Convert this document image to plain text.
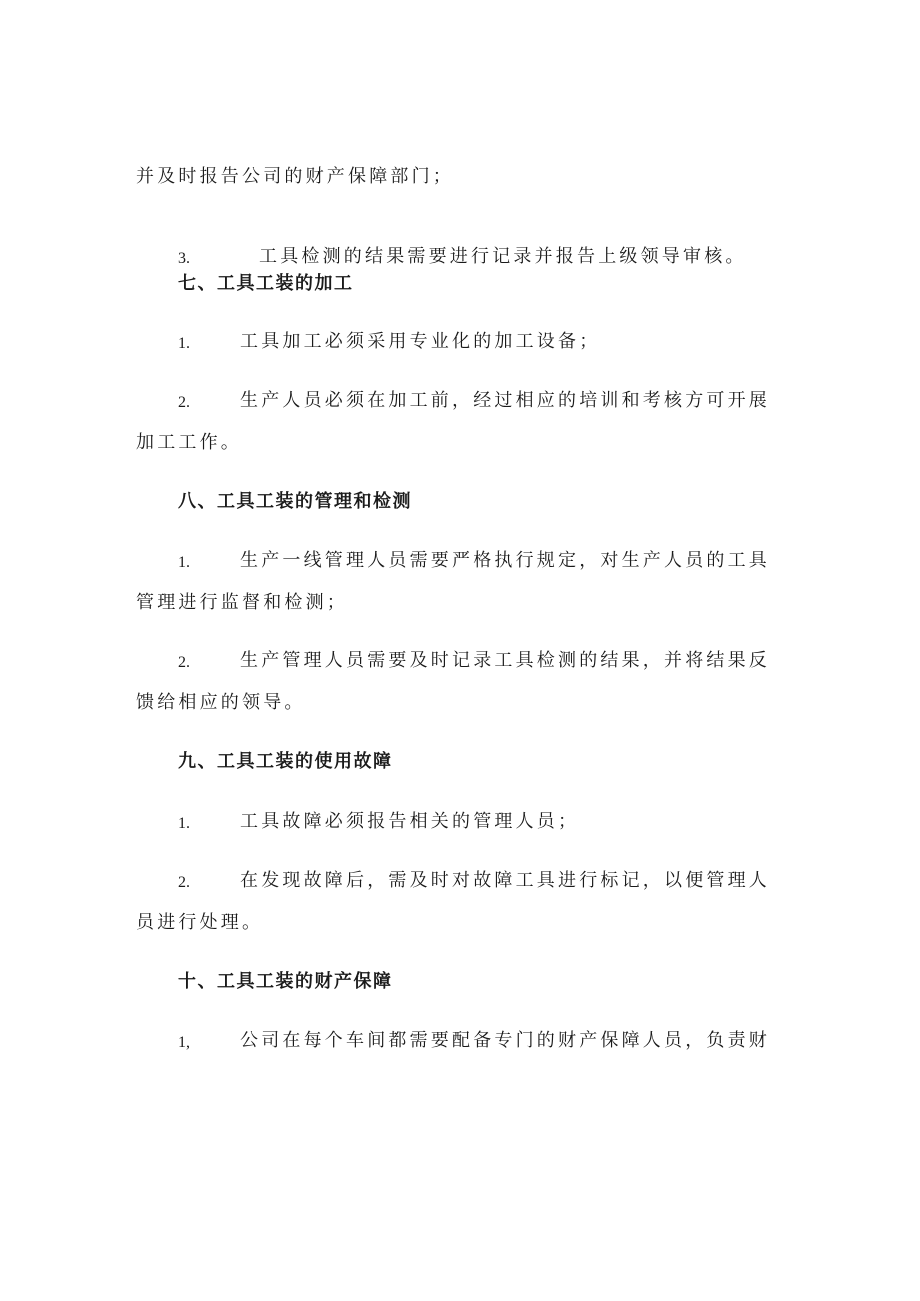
并及时报告公司的财产保障部门；
3.	工具检测的结果需要进行记录并报告上级领导审核。
七、工具工装的加工
1.	工具加工必须采用专业化的加工设备；
2.	生产人员必须在加工前，经过相应的培训和考核方可开展
加工工作。
八、工具工装的管理和检测
1.	生产一线管理人员需要严格执行规定，对生产人员的工具
管理进行监督和检测；
2.	生产管理人员需要及时记录工具检测的结果，并将结果反
馈给相应的领导。
九、工具工装的使用故障
1.	工具故障必须报告相关的管理人员；
2.	在发现故障后，需及时对故障工具进行标记，以便管理人
员进行处理。
十、工具工装的财产保障
1,	公司在每个车间都需要配备专门的财产保障人员，负责财
